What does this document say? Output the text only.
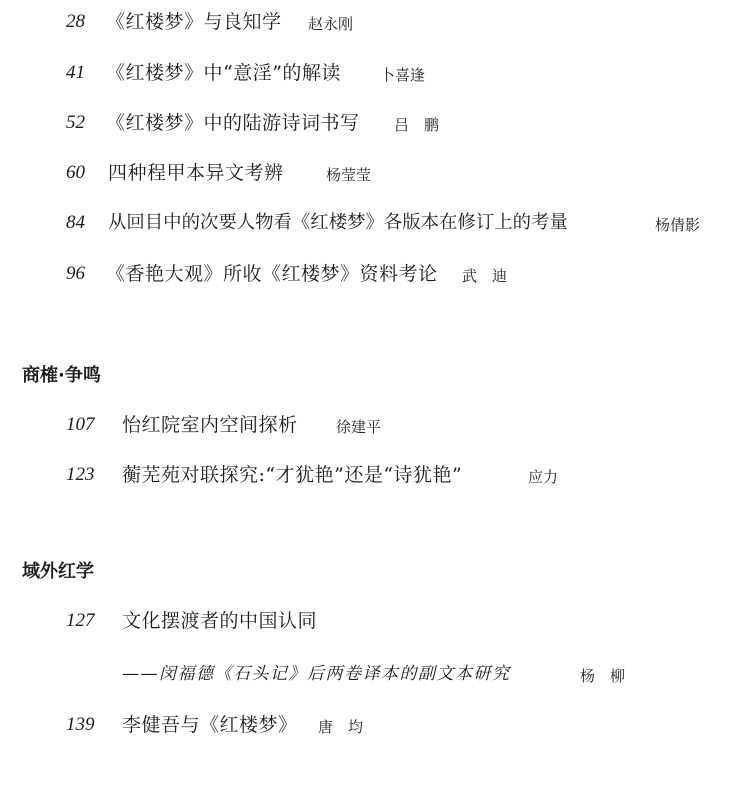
28 《红楼梦》与良知学 赵永刚
41 《红楼梦》中“意淫”的解读	卜喜逢
52 《红楼梦》中的陆游诗词书写 吕　鹏
60 四种程甲本异文考辨	杨莹莹
84 从回目中的次要人物看《红楼梦》各版本在修订上的考量	杨倩影
96 《香艳大观》所收《红楼梦》资料考论 武　迪
商榷·争鸣
107 怡红院室内空间探析	徐建平
123 蘅芜苑对联探究:“才犹艳”还是“诗犹艳”	应力
域外红学
127 文化摆渡者的中国认同
——闵福德《石头记》后两卷译本的副文本研究	杨　柳
139 李健吾与《红楼梦》 唐　均
